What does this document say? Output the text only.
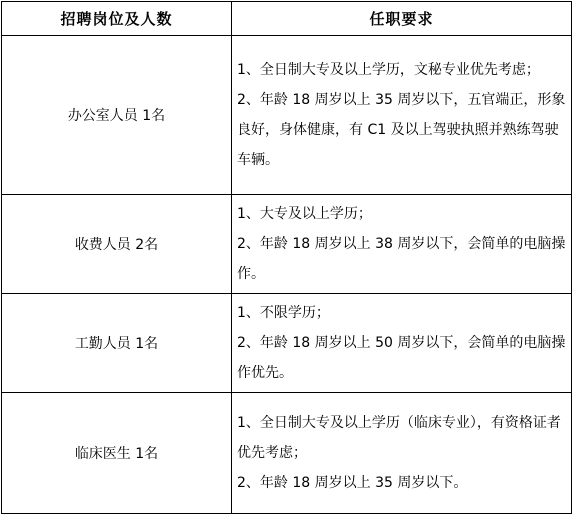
招聘岗位及人数	任职要求
办公室人员 1名	1、全日制大专及以上学历，文秘专业优先考虑；
2、年龄 18 周岁以上 35 周岁以下，五官端正，形象良好，身体健康，有 C1 及以上驾驶执照并熟练驾驶车辆。

收费人员 2名	1、大专及以上学历；
2、年龄 18 周岁以上 38 周岁以下，会简单的电脑操作。

工勤人员 1名	1、不限学历；
2、年龄 18 周岁以上 50 周岁以下，会简单的电脑操作优先。

临床医生 1名	1、全日制大专及以上学历（临床专业），有资格证者优先考虑；
2、年龄 18 周岁以上 35 周岁以下。
